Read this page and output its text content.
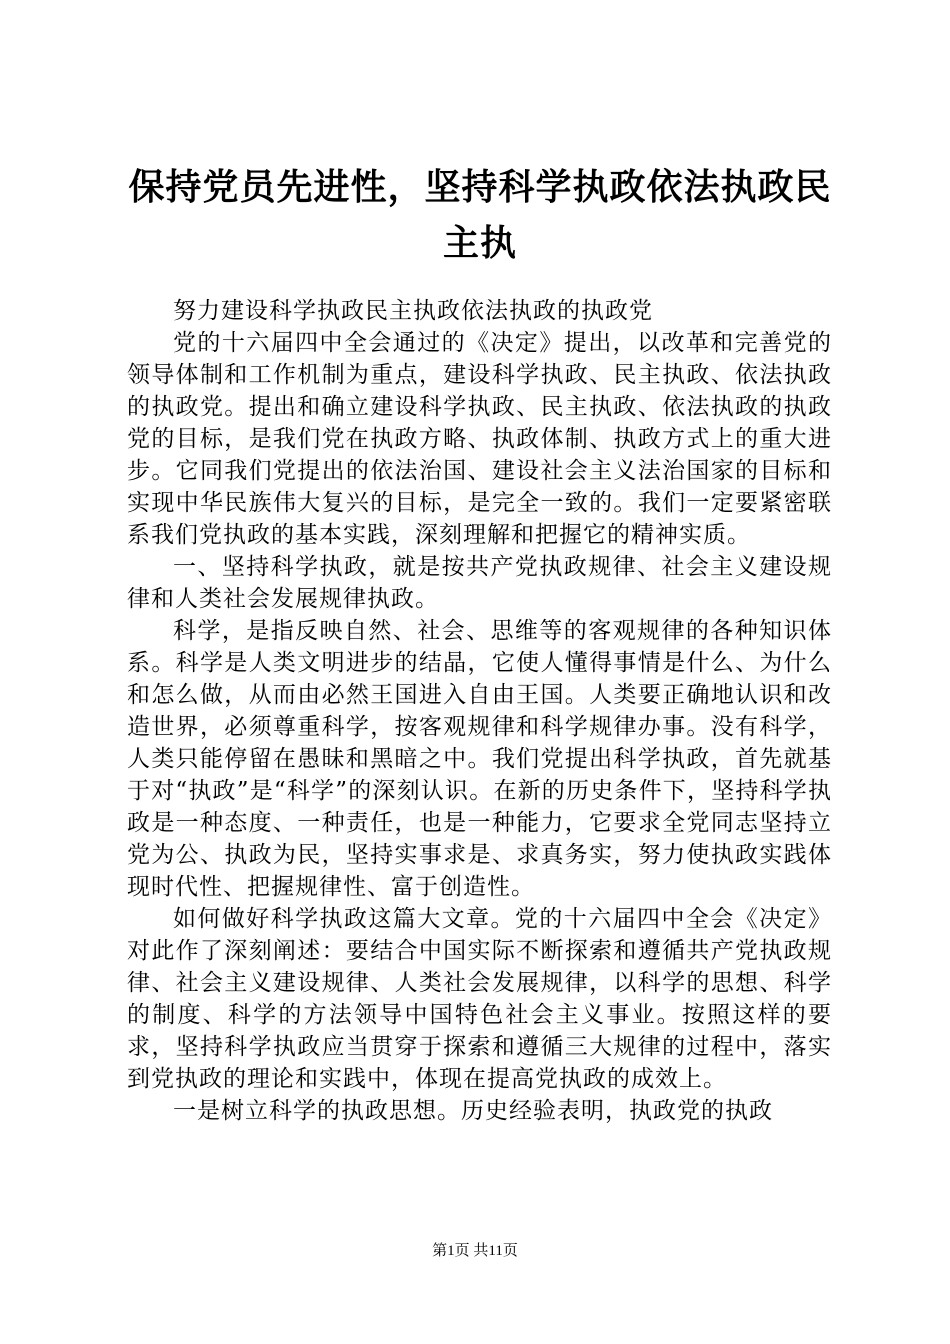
保持党员先进性，坚持科学执政依法执政民主执

努力建设科学执政民主执政依法执政的执政党

党的十六届四中全会通过的《决定》提出，以改革和完善党的领导体制和工作机制为重点，建设科学执政、民主执政、依法执政的执政党。提出和确立建设科学执政、民主执政、依法执政的执政党的目标，是我们党在执政方略、执政体制、执政方式上的重大进步。它同我们党提出的依法治国、建设社会主义法治国家的目标和实现中华民族伟大复兴的目标，是完全一致的。我们一定要紧密联系我们党执政的基本实践，深刻理解和把握它的精神实质。

一、坚持科学执政，就是按共产党执政规律、社会主义建设规律和人类社会发展规律执政。

科学，是指反映自然、社会、思维等的客观规律的各种知识体系。科学是人类文明进步的结晶，它使人懂得事情是什么、为什么和怎么做，从而由必然王国进入自由王国。人类要正确地认识和改造世界，必须尊重科学，按客观规律和科学规律办事。没有科学，人类只能停留在愚昧和黑暗之中。我们党提出科学执政，首先就基于对“执政”是“科学”的深刻认识。在新的历史条件下，坚持科学执政是一种态度、一种责任，也是一种能力，它要求全党同志坚持立党为公、执政为民，坚持实事求是、求真务实，努力使执政实践体现时代性、把握规律性、富于创造性。

如何做好科学执政这篇大文章。党的十六届四中全会《决定》对此作了深刻阐述：要结合中国实际不断探索和遵循共产党执政规律、社会主义建设规律、人类社会发展规律，以科学的思想、科学的制度、科学的方法领导中国特色社会主义事业。按照这样的要求，坚持科学执政应当贯穿于探索和遵循三大规律的过程中，落实到党执政的理论和实践中，体现在提高党执政的成效上。

一是树立科学的执政思想。历史经验表明，执政党的执政

第1页 共11页
